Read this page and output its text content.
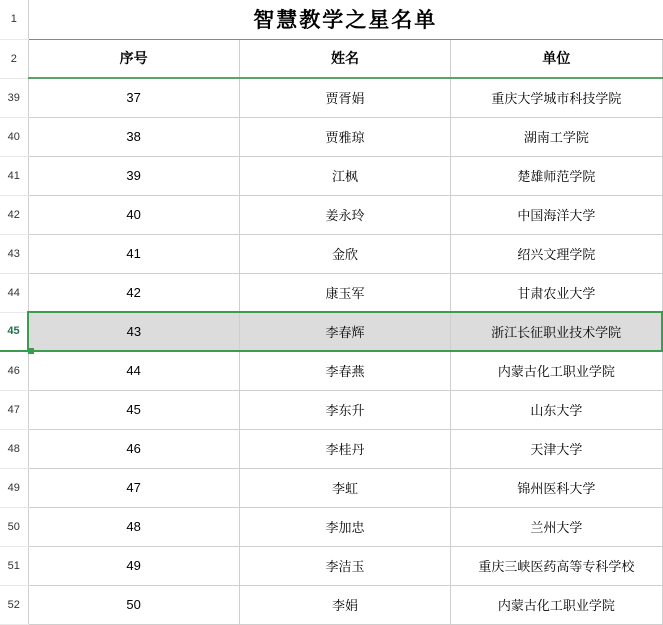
1	智慧教学之星名单		
2	序号	姓名	单位
39	37	贾胥娟	重庆大学城市科技学院
40	38	贾雅琼	湖南工学院
41	39	江枫	楚雄师范学院
42	40	姜永玲	中国海洋大学
43	41	金欣	绍兴文理学院
44	42	康玉军	甘肃农业大学
45	43	李春辉	浙江长征职业技术学院
46	44	李春燕	内蒙古化工职业学院
47	45	李东升	山东大学
48	46	李桂丹	天津大学
49	47	李虹	锦州医科大学
50	48	李加忠	兰州大学
51	49	李洁玉	重庆三峡医药高等专科学校
52	50	李娟	内蒙古化工职业学院
